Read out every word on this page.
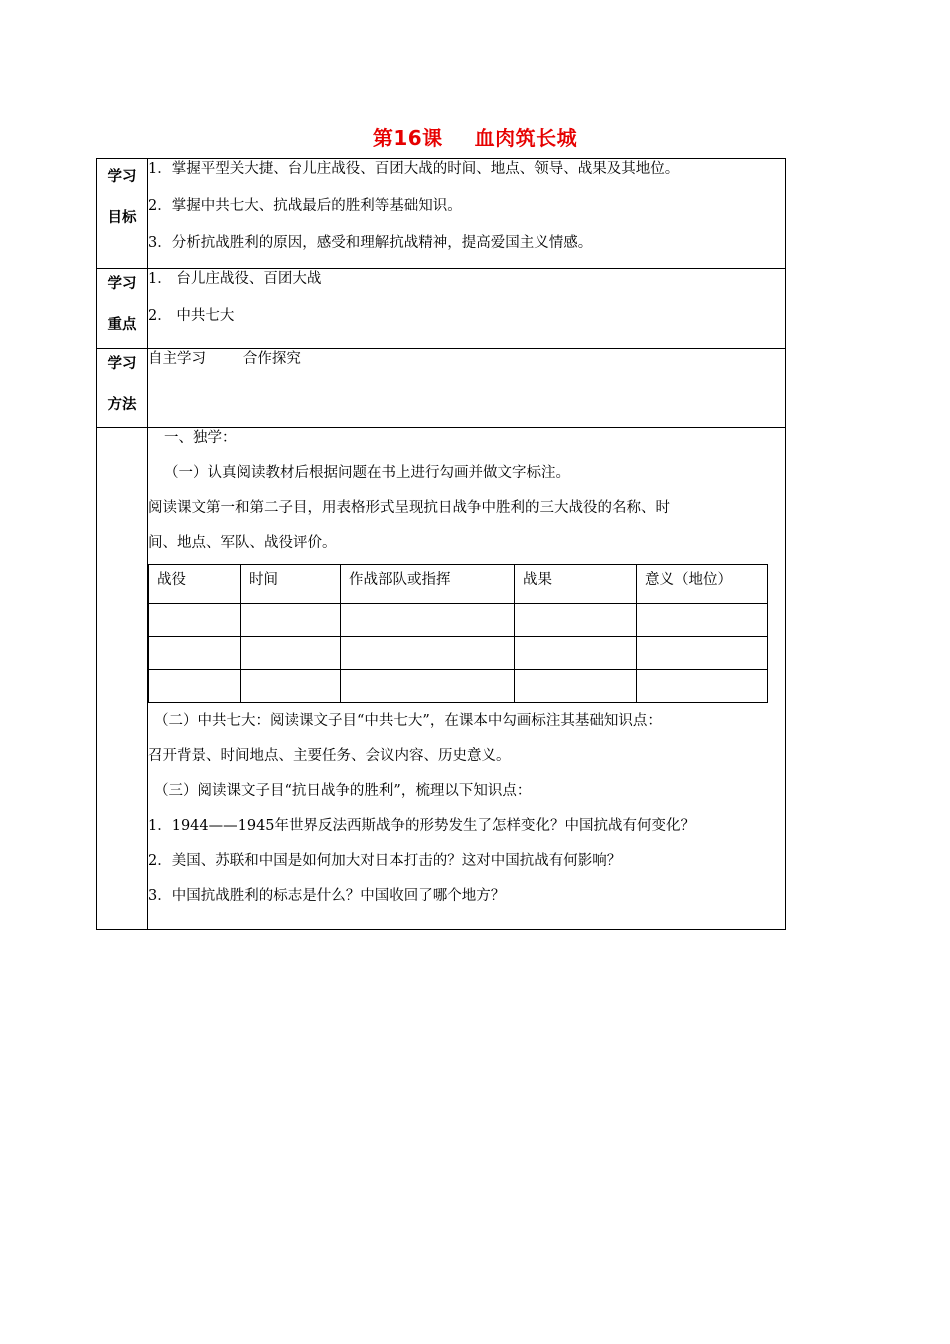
第16课 血肉筑长城
学习
目标

1．掌握平型关大捷、台儿庄战役、百团大战的时间、地点、领导、战果及其地位。

2．掌握中共七大、抗战最后的胜利等基础知识。

3．分析抗战胜利的原因，感受和理解抗战精神，提高爱国主义情感。

学习
重点

1． 台儿庄战役、百团大战

2． 中共七大

学习
方法

自主学习        合作探究

一、独学：

（一）认真阅读教材后根据问题在书上进行勾画并做文字标注。

阅读课文第一和第二子目，用表格形式呈现抗日战争中胜利的三大战役的名称、时

间、地点、军队、战役评价。

战役	时间	作战部队或指挥	战果	意义（地位）

（二）中共七大：阅读课文子目“中共七大”，在课本中勾画标注其基础知识点：

召开背景、时间地点、主要任务、会议内容、历史意义。

（三）阅读课文子目“抗日战争的胜利”，梳理以下知识点：

1．1944——1945年世界反法西斯战争的形势发生了怎样变化？中国抗战有何变化？

2．美国、苏联和中国是如何加大对日本打击的？这对中国抗战有何影响？

3．中国抗战胜利的标志是什么？中国收回了哪个地方？
